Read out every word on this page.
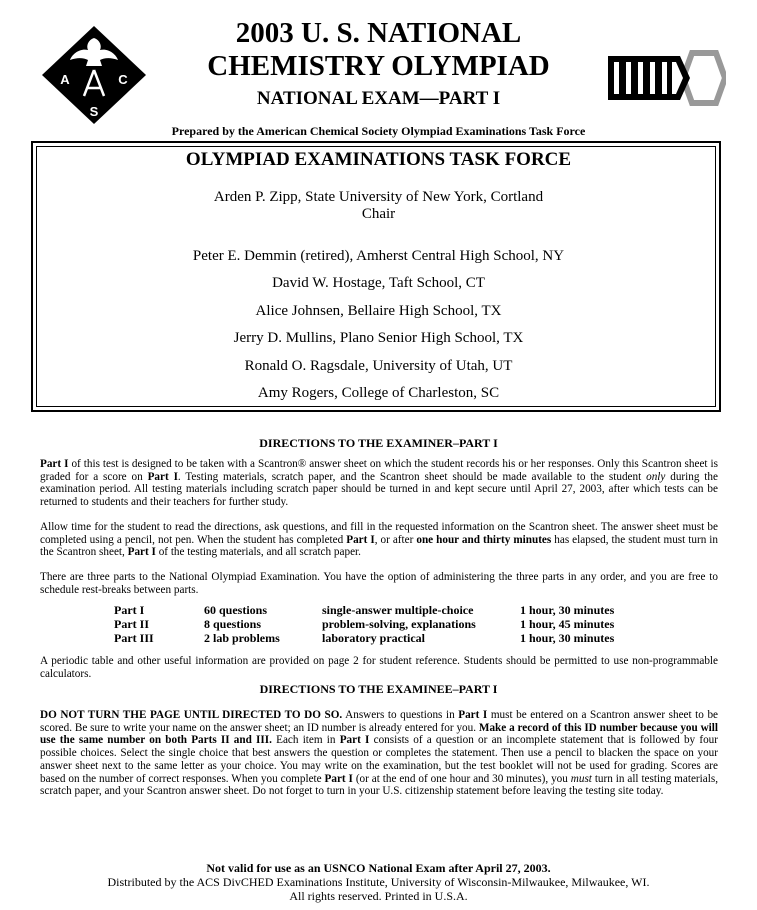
A	C
S
2003 U. S. NATIONAL
CHEMISTRY OLYMPIAD
NATIONAL EXAM—PART I
Prepared by the American Chemical Society Olympiad Examinations Task Force
OLYMPIAD EXAMINATIONS TASK FORCE
Arden P. Zipp, State University of New York, Cortland
Chair
Peter E. Demmin (retired), Amherst Central High School, NY
David W. Hostage, Taft School, CT
Alice Johnsen, Bellaire High School, TX
Jerry D. Mullins, Plano Senior High School, TX
Ronald O. Ragsdale, University of Utah, UT
Amy Rogers, College of Charleston, SC
DIRECTIONS TO THE EXAMINER–PART I
Part I of this test is designed to be taken with a Scantron® answer sheet on which the student records his or her responses. Only this Scantron sheet is graded for a score on Part I. Testing materials, scratch paper, and the Scantron sheet should be made available to the student only during the examination period. All testing materials including scratch paper should be turned in and kept secure until April 27, 2003, after which tests can be returned to students and their teachers for further study.
Allow time for the student to read the directions, ask questions, and fill in the requested information on the Scantron sheet. The answer sheet must be completed using a pencil, not pen. When the student has completed Part I, or after one hour and thirty minutes has elapsed, the student must turn in the Scantron sheet, Part I of the testing materials, and all scratch paper.
There are three parts to the National Olympiad Examination. You have the option of administering the three parts in any order, and you are free to schedule rest-breaks between parts.
Part I	60 questions	single-answer multiple-choice	1 hour, 30 minutes
Part II	8 questions	problem-solving, explanations	1 hour, 45 minutes
Part III	2 lab problems	laboratory practical	1 hour, 30 minutes
A periodic table and other useful information are provided on page 2 for student reference. Students should be permitted to use non-programmable calculators.
DIRECTIONS TO THE EXAMINEE–PART I
DO NOT TURN THE PAGE UNTIL DIRECTED TO DO SO. Answers to questions in Part I must be entered on a Scantron answer sheet to be scored. Be sure to write your name on the answer sheet; an ID number is already entered for you. Make a record of this ID number because you will use the same number on both Parts II and III. Each item in Part I consists of a question or an incomplete statement that is followed by four possible choices. Select the single choice that best answers the question or completes the statement. Then use a pencil to blacken the space on your answer sheet next to the same letter as your choice. You may write on the examination, but the test booklet will not be used for grading. Scores are based on the number of correct responses. When you complete Part I (or at the end of one hour and 30 minutes), you must turn in all testing materials, scratch paper, and your Scantron answer sheet. Do not forget to turn in your U.S. citizenship statement before leaving the testing site today.
Not valid for use as an USNCO National Exam after April 27, 2003.
Distributed by the ACS DivCHED Examinations Institute, University of Wisconsin-Milwaukee, Milwaukee, WI.
All rights reserved. Printed in U.S.A.
